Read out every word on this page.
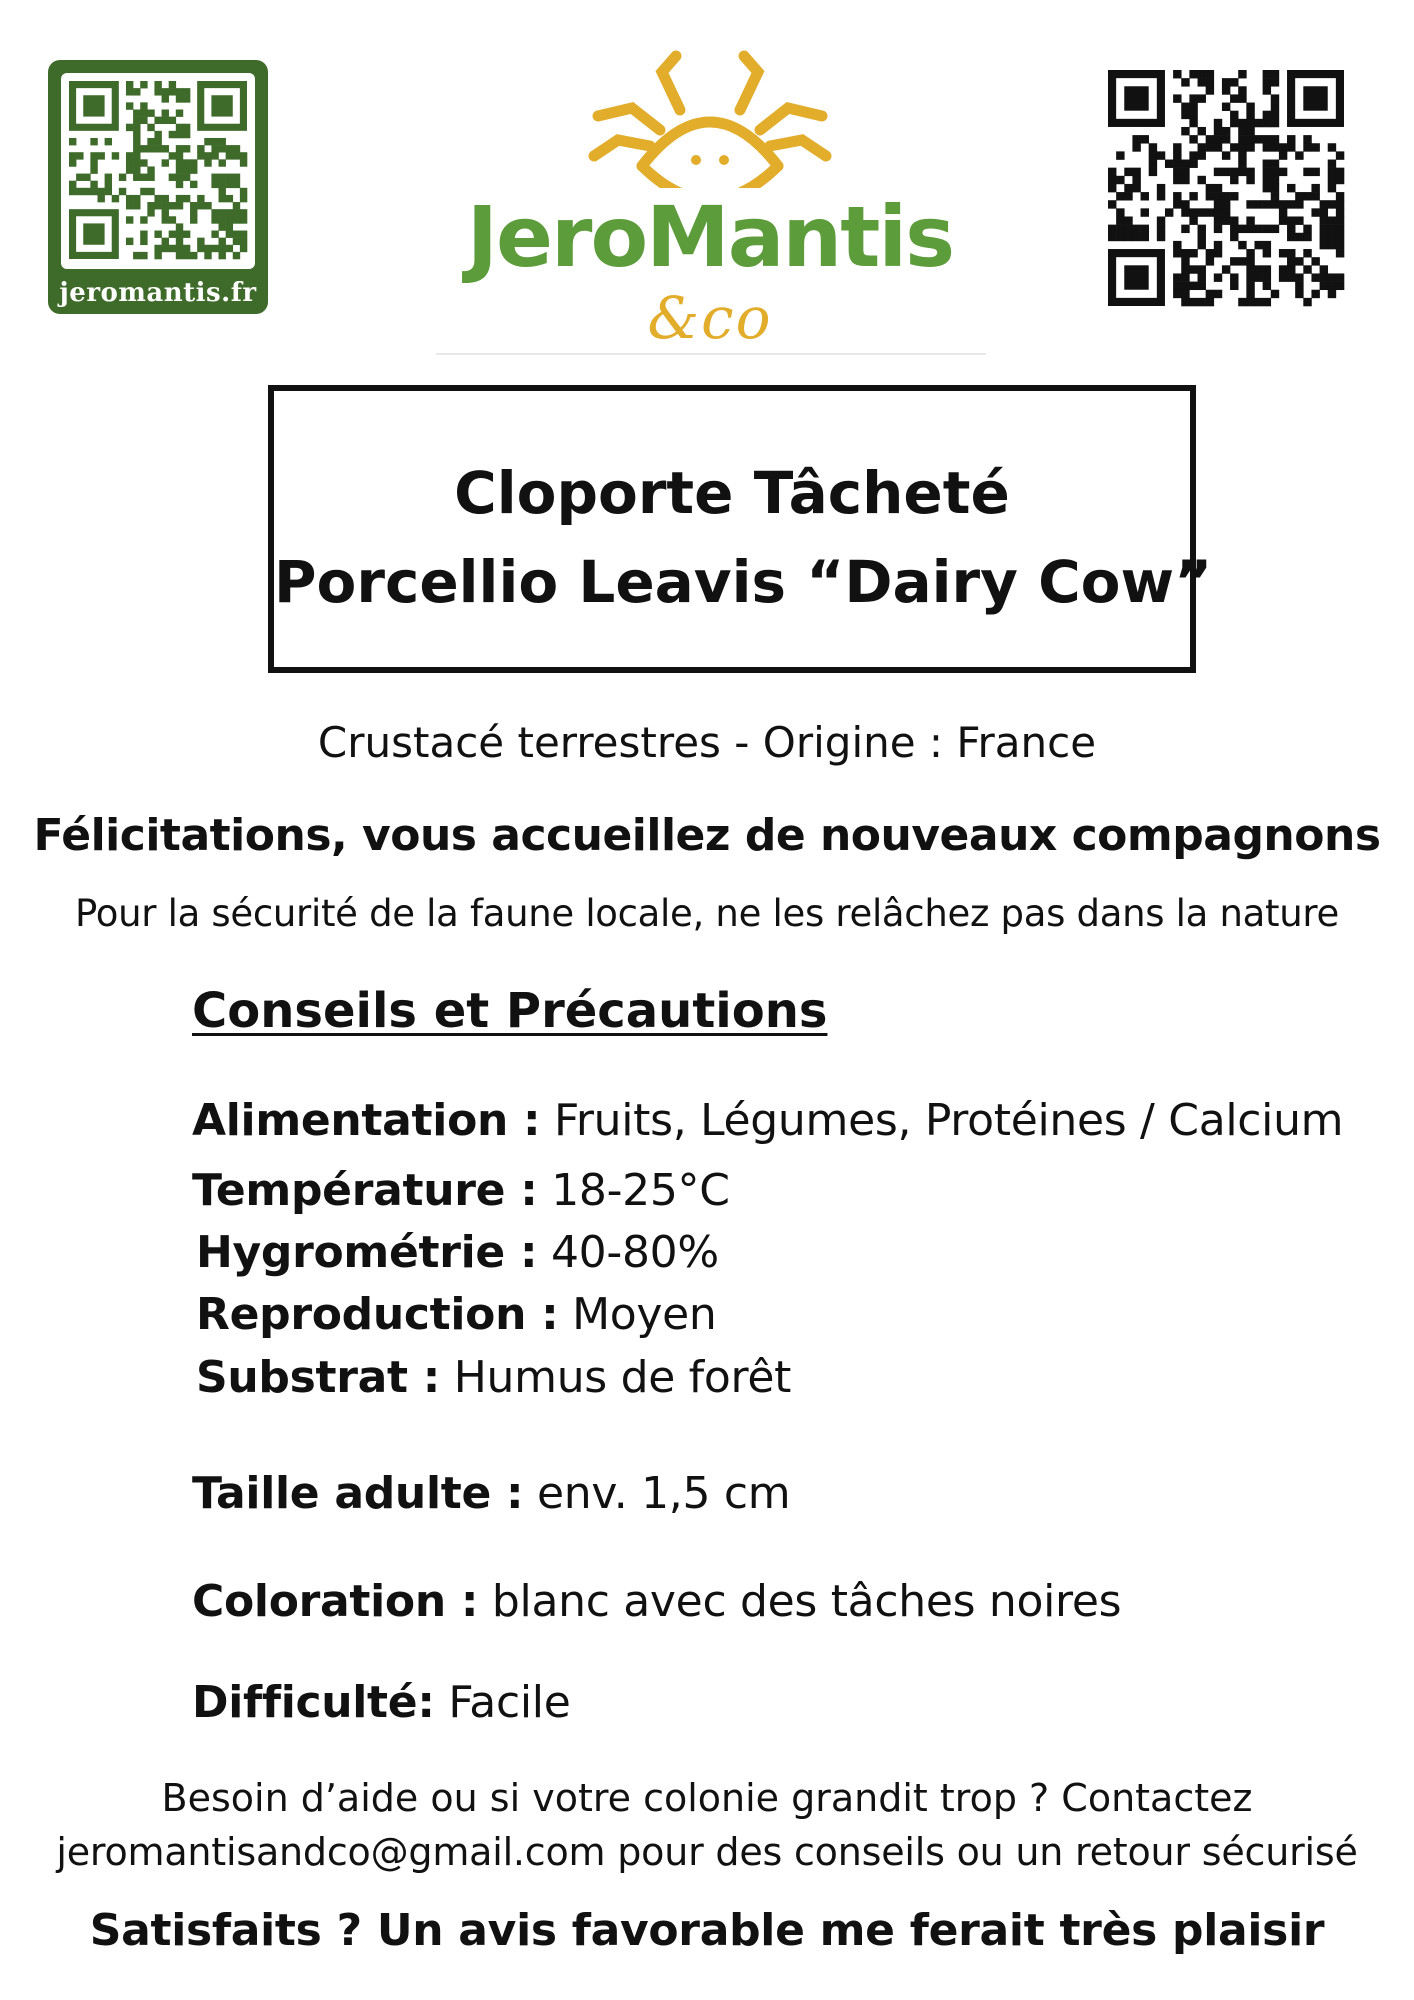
jeromantis.fr
JeroMantis
&co
Cloporte Tâcheté
Porcellio Leavis “Dairy Cow”
Crustacé terrestres - Origine : France
Félicitations, vous accueillez de nouveaux compagnons
Pour la sécurité de la faune locale, ne les relâchez pas dans la nature
Conseils et Précautions
Alimentation : Fruits, Légumes, Protéines / Calcium
Température : 18-25°C
Hygrométrie : 40-80%
Reproduction : Moyen
Substrat : Humus de forêt
Taille adulte : env. 1,5 cm
Coloration : blanc avec des tâches noires
Difficulté: Facile
Besoin d’aide ou si votre colonie grandit trop ? Contactez
jeromantisandco@gmail.com pour des conseils ou un retour sécurisé
Satisfaits ? Un avis favorable me ferait très plaisir
